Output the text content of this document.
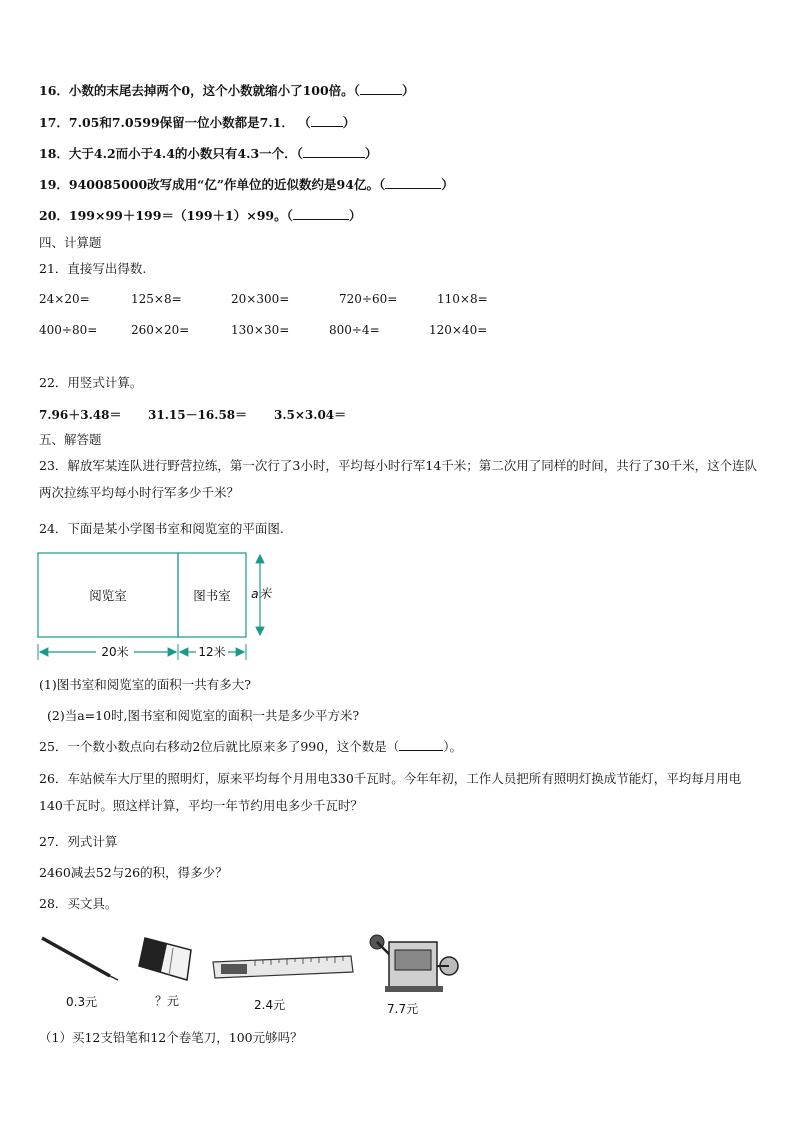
16．小数的末尾去掉两个0，这个小数就缩小了100倍。（	）
17．7.05和7.0599保留一位小数都是7.1． （	）
18．大于4.2而小于4.4的小数只有4.3一个．（	）
19．940085000改写成用“亿”作单位的近似数约是94亿。（	）
20．199×99＋199＝（199＋1）×99。（	）
四、计算题
21．直接写出得数.
24×20=	125×8=	20×300=	720÷60=	110×8=
400÷80=	260×20=	130×30=	800÷4=	120×40=
22．用竖式计算。
7.96＋3.48＝ 31.15－16.58＝ 3.5×3.04＝
五、解答题
23．解放军某连队进行野营拉练，第一次行了3小时，平均每小时行军14千米；第二次用了同样的时间，共行了30千米，这个连队两次拉练平均每小时行军多少千米？
24．下面是某小学图书室和阅览室的平面图.
阅览室	图书室 a米
20米	12米
(1)图书室和阅览室的面积一共有多大?
(2)当a=10时,图书室和阅览室的面积一共是多少平方米?
25．一个数小数点向右移动2位后就比原来多了990，这个数是（	）。
26．车站候车大厅里的照明灯，原来平均每个月用电330千瓦时。今年年初，工作人员把所有照明灯换成节能灯，平均每月用电140千瓦时。照这样计算，平均一年节约用电多少千瓦时？
27．列式计算
2460减去52与26的积，得多少？
28．买文具。
0.3元	？元	2.4元	7.7元
（1）买12支铅笔和12个卷笔刀，100元够吗？
